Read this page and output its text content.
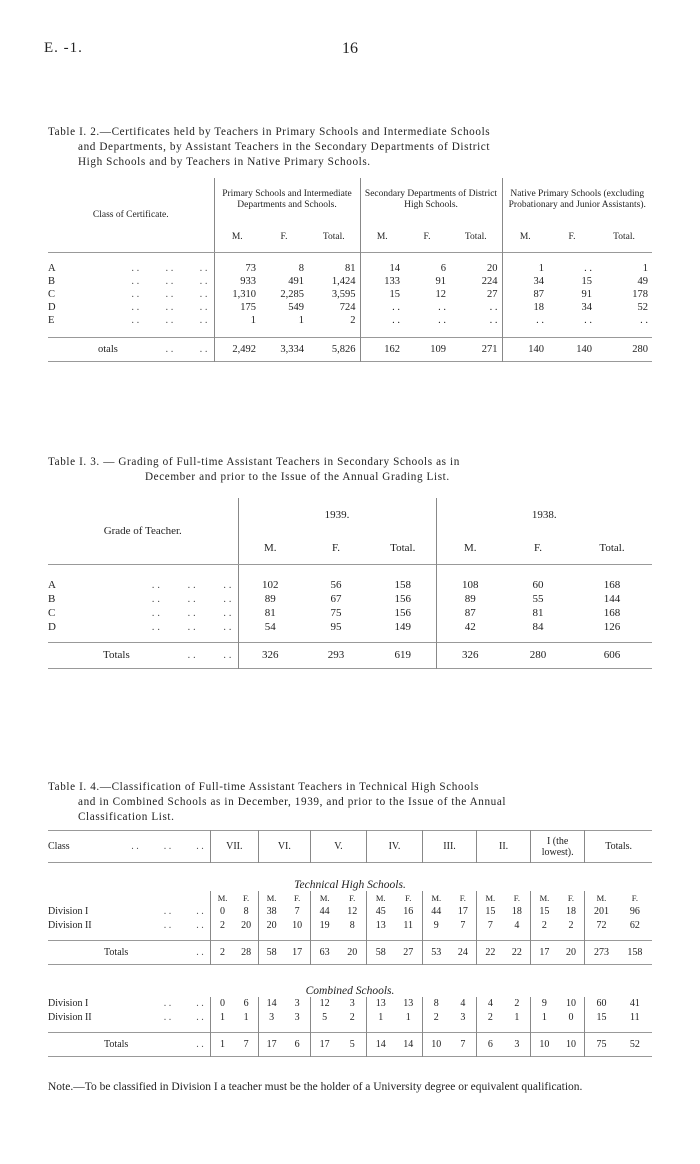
E. -1.	16
Table I. 2.—Certificates held by Teachers in Primary Schools and Intermediate Schools
and Departments, by Assistant Teachers in the Secondary Departments of District
High Schools and by Teachers in Native Primary Schools.
Class of Certificate.	Primary Schools and Intermediate Departments and Schools.			Secondary Departments of District High Schools.			Native Primary Schools (excluding Probationary and Junior Assistants).		
	M.	F.	Total.	M.	F.	Total.	M.	F.	Total.

A . .          . .          . .	73	8	81	14	6	20	1	. .	1
B . .          . .          . .	933	491	1,424	133	91	224	34	15	49
C . .          . .          . .	1,310	2,285	3,595	15	12	27	87	91	178
D . .          . .          . .	175	549	724	. .	. .	. .	18	34	52
E . .          . .          . .	1	1	2	. .	. .	. .	. .	. .	. .

otals . .          . .	2,492	3,334	5,826	162	109	271	140	140	280
Table I. 3. — Grading of Full-time Assistant Teachers in Secondary Schools as in
December and prior to the Issue of the Annual Grading List.
Grade of Teacher.	1939.			1938.		
	M.	F.	Total.	M.	F.	Total.

A . .          . .          . .	102	56	158	108	60	168
B . .          . .          . .	89	67	156	89	55	144
C . .          . .          . .	81	75	156	87	81	168
D . .          . .          . .	54	95	149	42	84	126

Totals . .          . .	326	293	619	326	280	606
Table I. 4.—Classification of Full-time Assistant Teachers in Technical High Schools
and in Combined Schools as in December, 1939, and prior to the Issue of the Annual
Classification List.
Class . .          . .          . .	VII.		VI.		V.		IV.		III.		II.		I (the lowest).		Totals.	
Technical High Schools.																
	M.	F.	M.	F.	M.	F.	M.	F.	M.	F.	M.	F.	M.	F.	M.	F.
Division I . .          . .	0	8	38	7	44	12	45	16	44	17	15	18	15	18	201	96
Division II . .          . .	2	20	20	10	19	8	13	11	9	7	7	4	2	2	72	62

Totals . .	2	28	58	17	63	20	58	27	53	24	22	22	17	20	273	158
Combined Schools.																
Division I . .          . .	0	6	14	3	12	3	13	13	8	4	4	2	9	10	60	41
Division II . .          . .	1	1	3	3	5	2	1	1	2	3	2	1	1	0	15	11

Totals . .	1	7	17	6	17	5	14	14	10	7	6	3	10	10	75	52
Note.—To be classified in Division I a teacher must be the holder of a University degree or equivalent qualification.
